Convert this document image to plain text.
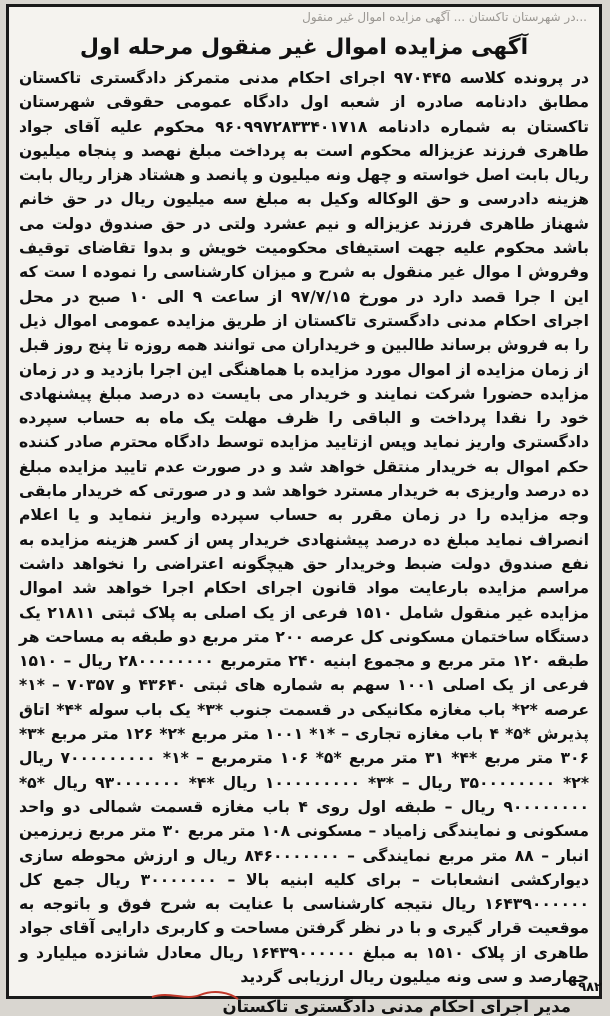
...در شهرستان تاکستان ... آگهی مزایده اموال غیر منقول
آگهی مزایده اموال غیر منقول مرحله اول

در پرونده کلاسه ۹۷۰۴۴۵ اجرای احکام مدنی متمرکز دادگستری تاکستان مطابق دادنامه صادره از شعبه اول دادگاه عمومی حقوقی شهرستان تاکستان به شماره دادنامه ۹۶۰۹۹۷۲۸۳۳۴۰۱۷۱۸ محکوم علیه آقای جواد طاهری فرزند عزیزاله محکوم است به پرداخت مبلغ نهصد و پنجاه میلیون ریال بابت اصل خواسته و چهل ونه میلیون و پانصد و هشتاد هزار ریال بابت هزینه دادرسی و حق الوکاله وکیل به مبلغ سه میلیون ریال در حق خانم شهناز طاهری فرزند عزیزاله و نیم عشرد ولتی در حق صندوق دولت می باشد محکوم علیه جهت استیفای محکومیت خویش و بدوا تقاضای توقیف وفروش ا موال غیر منقول به شرح و میزان کارشناسی را نموده ا ست که این ا جرا قصد دارد در مورخ ۹۷/۷/۱۵ از ساعت ۹ الی ۱۰ صبح در محل اجرای احکام مدنی دادگستری تاکستان از طریق مزایده عمومی اموال ذیل را به فروش برساند طالبین و خریداران می توانند همه روزه تا پنج روز قبل از زمان مزایده از اموال مورد مزایده با هماهنگی این اجرا بازدید و در زمان مزایده حضورا شرکت نمایند و خریدار می بایست ده درصد مبلغ پیشنهادی خود را نقدا پرداخت و الباقی را ظرف مهلت یک ماه به حساب سپرده دادگستری واریز نماید وپس ازتایید مزایده توسط دادگاه محترم صادر کننده حکم اموال به خریدار منتقل خواهد شد و در صورت عدم تایید مزایده مبلغ ده درصد واریزی به خریدار مسترد خواهد شد و در صورتی که خریدار مابقی وجه مزایده را در زمان مقرر به حساب سپرده واریز ننماید و یا اعلام انصراف نماید مبلغ ده درصد پیشنهادی خریدار پس از کسر هزینه مزایده به نفع صندوق دولت ضبط وخریدار حق هیچگونه اعتراضی را نخواهد داشت مراسم مزایده بارعایت مواد قانون اجرای احکام اجرا خواهد شد اموال مزایده غیر منقول شامل ۱۵۱۰ فرعی از یک اصلی به پلاک ثبتی ۲۱۸۱۱ یک دستگاه ساختمان مسکونی کل عرصه ۲۰۰ متر مربع دو طبقه به مساحت هر طبقه ۱۲۰ متر مربع و مجموع ابنیه ۲۴۰ مترمربع ۲۸۰۰۰۰۰۰۰۰ ریال – ۱۵۱۰ فرعی از یک اصلی ۱۰۰۱ سهم به شماره های ثبتی ۴۳۶۴۰ و ۷۰۳۵۷ – *۱* عرصه *۲* باب مغازه مکانیکی در قسمت جنوب *۳* یک باب سوله *۴* اتاق پذیرش *۵* ۴ باب مغازه تجاری – *۱* ۱۰۰۱ متر مربع *۲* ۱۲۶ متر مربع *۳* ۳۰۶ متر مربع *۴* ۳۱ متر مربع *۵* ۱۰۶ مترمربع – *۱* ۷۰۰۰۰۰۰۰۰۰ ریال *۲* ۳۵۰۰۰۰۰۰۰۰ ریال – *۳* ۱۰۰۰۰۰۰۰۰۰ ریال *۴* ۹۳۰۰۰۰۰۰۰ ریال *۵* ۹۰۰۰۰۰۰۰۰ ریال – طبقه اول روی ۴ باب مغازه قسمت شمالی دو واحد مسکونی و نمایندگی زامیاد – مسکونی ۱۰۸ متر مربع ۳۰ متر مربع زیرزمین انبار – ۸۸ متر مربع نمایندگی – ۸۴۶۰۰۰۰۰۰۰ ریال و ارزش محوطه سازی دیوارکشی انشعابات – برای کلیه ابنیه بالا – ۳۰۰۰۰۰۰۰ ریال جمع کل ۱۶۴۳۹۰۰۰۰۰۰ ریال نتیجه کارشناسی با عنایت به شرح فوق و باتوجه به موقعیت قرار گیری و با در نظر گرفتن مساحت و کاربری دارایی آقای جواد طاهری از پلاک ۱۵۱۰ به مبلغ ۱۶۴۳۹۰۰۰۰۰۰ ریال معادل شانزده میلیارد و چهارصد و سی ونه میلیون ریال ارزیابی گردید

مدیر اجرای احکام مدنی دادگستری تاکستان
۹۸۲
